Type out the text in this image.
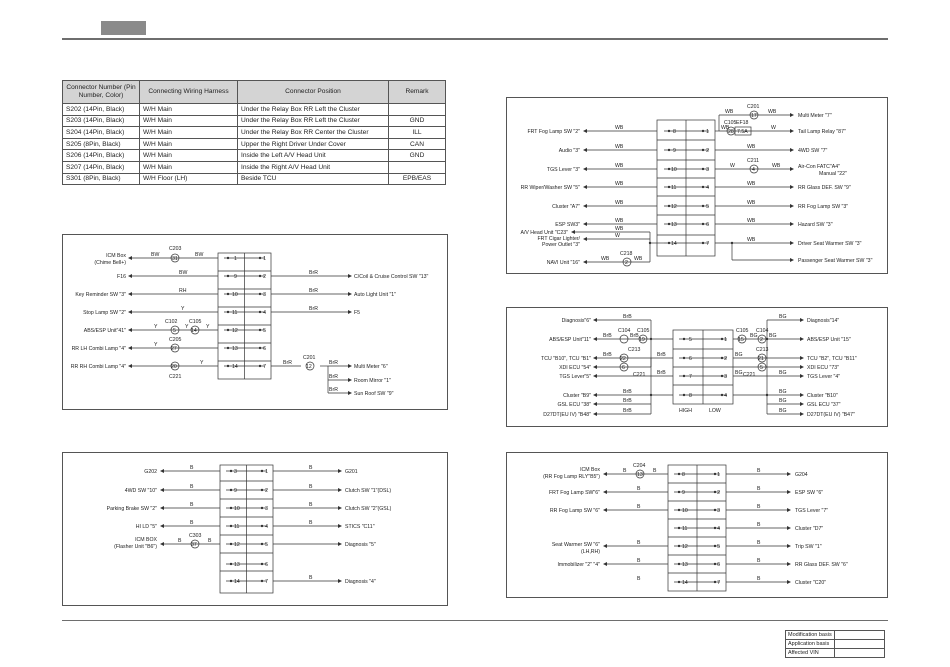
Connector Number (Pin Number, Color)	Connecting Wiring Harness	Connector Position	Remark
S202 (14Pin, Black)	W/H Main	Under the Relay Box RR Left the Cluster	
S203 (14Pin, Black)	W/H Main	Under the Relay Box RR Left the Cluster	GND
S204 (14Pin, Black)	W/H Main	Under the Relay Box RR Center the Cluster	ILL
S205 (8Pin, Black)	W/H Main	Upper the Right Driver Under Cover	CAN
S206 (14Pin, Black)	W/H Main	Inside the Left A/V Head Unit	GND
S207 (14Pin, Black)	W/H Main	Inside the Right A/V Head Unit	
S301 (8Pin, Black)	W/H Floor (LH)	Beside TCU	EPB/EAS
1	1
9	2
10	3
11	4
12	5
13	6
14	7
ICM Box
(Chime Bell+)
F16
Key Reminder SW "3"
Stop Lamp SW "2"
ABS/ESP Unit"41"
RR LH Combi Lamp "4"
RR RH Combi Lamp "4"
C/Coil & Cruise Control SW "13"
Auto Light Unit "1"
F5
Multi Meter "6"
Room Mirror "1"
Sun Roof SW "9"
BW	BW
BW
RH
Y
Y	Y	Y
Y
Y
BrR
BrR
BrR
BrR	BrR
BrR
BrR
C203
31
C102
5
C105
14
C205
27
20
C221
C201
12
3	1
9	2
10	3
11	4
12	5
13	6
14	7
G202
4WD SW "10"
Parking Brake SW "2"
HI LD "5"
ICM BOX
(Flasher Unit "B6")
G201
Clutch SW "1"(DSL)
Clutch SW "2"(GSL)
STICS "C11"
Diagnosis "5"
Diagnosis "4"
B
B
B
B
B	B
B
B
B
B
B
C303
37
8	1
9	2
10	3
11	4
12	5
13	6
14	7
FRT Fog Lamp SW "2"
Audio "3"
TGS Lever "3"
RR Wiper/Washer SW "5"
Cluster "A7"
ESP SW3"
A/V Head Unit "C23"
FRT Cigar Lighter/
Power Outlet "3"
NAVI Unit "16"
Multi Meter "7"
Tail Lamp Relay "87"
4WD SW "7"
Air-Con FATC"A4"
Manual "22"
RR Glass DEF. SW "9"
RR Fog Lamp SW "3"
Hazard SW "3"
Driver Seat Warmer SW "3"
Passenger Seat Warmer SW "3"
WB
WB
WB
WB
WB
WB
WB
W
WB	WB
WB	WB
WB	W
W	WB
WB
WB
WB
WB
WB
C201
17
C105
28
EF18
7.5A
C211
4
C218
2
5
6
7
8
1
2
3
4
HIGH	LOW
Diagnosis"6"
ABS/ESP Unit"11"
TCU "B10", TCU "B1"
XDI ECU "54"
TGS Lever"5"
Cluster "B9"
GSL ECU "38"
D27DT(EU IV) "B48"
Diagnosis"14"
ABS/ESP Unit "15"
TCU "B2", TCU "B11"
XDI ECU "73"
TGS Lever "4"
Cluster "B10"
GSL ECU "37"
D27DT(EU IV) "B47"
BrB
BrB	BrB
BrB	BrB
BrB
BrB
BrB
BrB
BG
BG BG
BG
BG
BG
BG
BG
BG
C104 C105
19
C213
22
6
C221
C105
15
C104
2
C213
21
5
C221
8	1
9	2
10	3
11	4
12	5
13	6
14	7
ICM Box
(RR Fog Lamp RLY"B5")
FRT Fog Lamp SW"6"
RR Fog Lamp SW "6"
Seat Warmer SW "6"
(LH,RH)
Immobilizer "2" "4"
G204
ESP SW "6"
TGS Lever "7"
Cluster "D7"
Trip SW "1"
RR Glass DEF. SW "6"
Cluster "C20"
B	B
B
B
B
B
B
B
B
B
B
B
B
B
C204
13
Modification basis	
Application basis	
Affected VIN	
